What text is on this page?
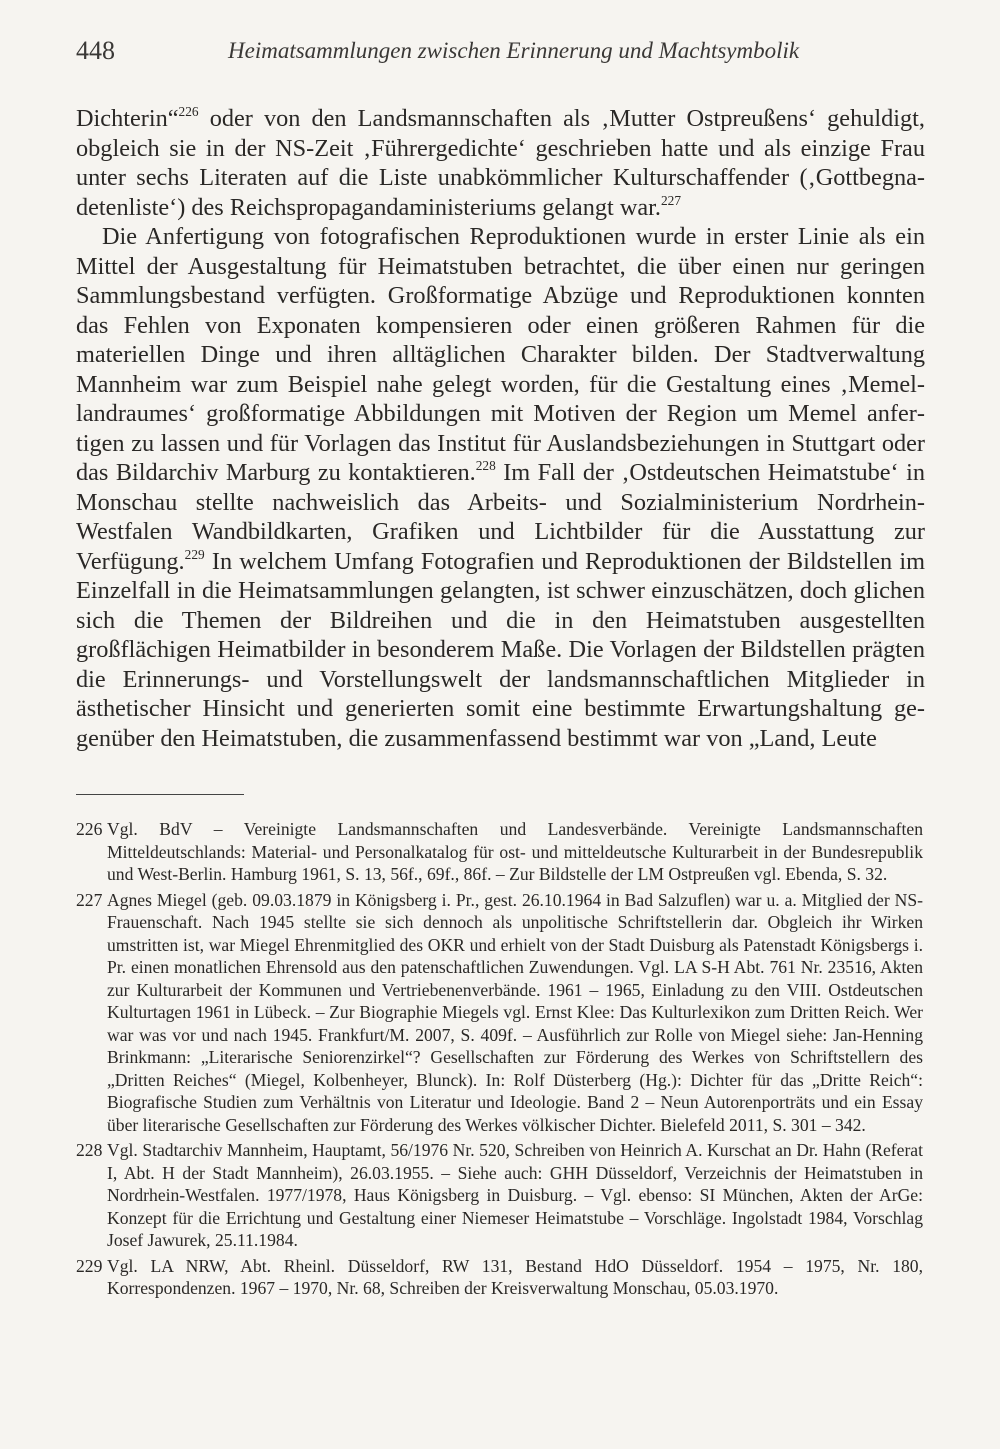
448	Heimatsammlungen zwischen Erinnerung und Machtsymbolik

Dichterin“$^{226}$ oder von den Landsmannschaften als ‚Mutter Ostpreußens‘ gehuldigt, obgleich sie in der NS-Zeit ‚Führergedichte‘ geschrieben hatte und als einzige Frau unter sechs Literaten auf die Liste unabkömmlicher Kulturschaffender (‚Gottbegnadetenliste‘) des Reichspropagandaministeriums gelangt war.$^{227}$

Die Anfertigung von fotografischen Reproduktionen wurde in erster Linie als ein Mittel der Ausgestaltung für Heimatstuben betrachtet, die über einen nur geringen Sammlungsbestand verfügten. Großformatige Abzüge und Reproduktionen konnten das Fehlen von Exponaten kompensieren oder einen größeren Rahmen für die materiellen Dinge und ihren alltäglichen Charakter bilden. Der Stadtverwaltung Mannheim war zum Beispiel nahe gelegt worden, für die Gestaltung eines ‚Memellandraumes‘ großformatige Abbildungen mit Motiven der Region um Memel anfertigen zu lassen und für Vorlagen das Institut für Auslandsbeziehungen in Stuttgart oder das Bildarchiv Marburg zu kontaktieren.$^{228}$ Im Fall der ‚Ostdeutschen Heimatstube‘ in Monschau stellte nachweislich das Arbeits- und Sozialministerium Nordrhein-Westfalen Wandbildkarten, Grafiken und Lichtbilder für die Ausstattung zur Verfügung.$^{229}$ In welchem Umfang Fotografien und Reproduktionen der Bildstellen im Einzelfall in die Heimatsammlungen gelangten, ist schwer einzuschätzen, doch glichen sich die Themen der Bildreihen und die in den Heimatstuben ausgestellten großflächigen Heimatbilder in besonderem Maße. Die Vorlagen der Bildstellen prägten die Erinnerungs- und Vorstellungswelt der landsmannschaftlichen Mitglieder in ästhetischer Hinsicht und generierten somit eine bestimmte Erwartungshaltung gegenüber den Heimatstuben, die zusammenfassend bestimmt war von „Land, Leute

226 Vgl. BdV – Vereinigte Landsmannschaften und Landesverbände. Vereinigte Landsmannschaften Mitteldeutschlands: Material- und Personalkatalog für ost- und mitteldeutsche Kulturarbeit in der Bundesrepublik und West-Berlin. Hamburg 1961, S. 13, 56f., 69f., 86f. – Zur Bildstelle der LM Ostpreußen vgl. Ebenda, S. 32.
227 Agnes Miegel (geb. 09.03.1879 in Königsberg i. Pr., gest. 26.10.1964 in Bad Salzuflen) war u. a. Mitglied der NS-Frauenschaft. Nach 1945 stellte sie sich dennoch als unpolitische Schriftstellerin dar. Obgleich ihr Wirken umstritten ist, war Miegel Ehrenmitglied des OKR und erhielt von der Stadt Duisburg als Patenstadt Königsbergs i. Pr. einen monatlichen Ehrensold aus den patenschaftlichen Zuwendungen. Vgl. LA S-H Abt. 761 Nr. 23516, Akten zur Kulturarbeit der Kommunen und Vertriebenenverbände. 1961 – 1965, Einladung zu den VIII. Ostdeutschen Kulturtagen 1961 in Lübeck. – Zur Biographie Miegels vgl. Ernst Klee: Das Kulturlexikon zum Dritten Reich. Wer war was vor und nach 1945. Frankfurt/M. 2007, S. 409f. – Ausführlich zur Rolle von Miegel siehe: Jan-Henning Brinkmann: „Literarische Seniorenzirkel“? Gesellschaften zur Förderung des Werkes von Schriftstellern des „Dritten Reiches“ (Miegel, Kolbenheyer, Blunck). In: Rolf Düsterberg (Hg.): Dichter für das „Dritte Reich“: Biografische Studien zum Verhältnis von Literatur und Ideologie. Band 2 – Neun Autorenporträts und ein Essay über literarische Gesellschaften zur Förderung des Werkes völkischer Dichter. Bielefeld 2011, S. 301 – 342.
228 Vgl. Stadtarchiv Mannheim, Hauptamt, 56/1976 Nr. 520, Schreiben von Heinrich A. Kurschat an Dr. Hahn (Referat I, Abt. H der Stadt Mannheim), 26.03.1955. – Siehe auch: GHH Düsseldorf, Verzeichnis der Heimatstuben in Nordrhein-Westfalen. 1977/1978, Haus Königsberg in Duisburg. – Vgl. ebenso: SI München, Akten der ArGe: Konzept für die Errichtung und Gestaltung einer Niemeser Heimatstube – Vorschläge. Ingolstadt 1984, Vorschlag Josef Jawurek, 25.11.1984.
229 Vgl. LA NRW, Abt. Rheinl. Düsseldorf, RW 131, Bestand HdO Düsseldorf. 1954 – 1975, Nr. 180, Korrespondenzen. 1967 – 1970, Nr. 68, Schreiben der Kreisverwaltung Monschau, 05.03.1970.
